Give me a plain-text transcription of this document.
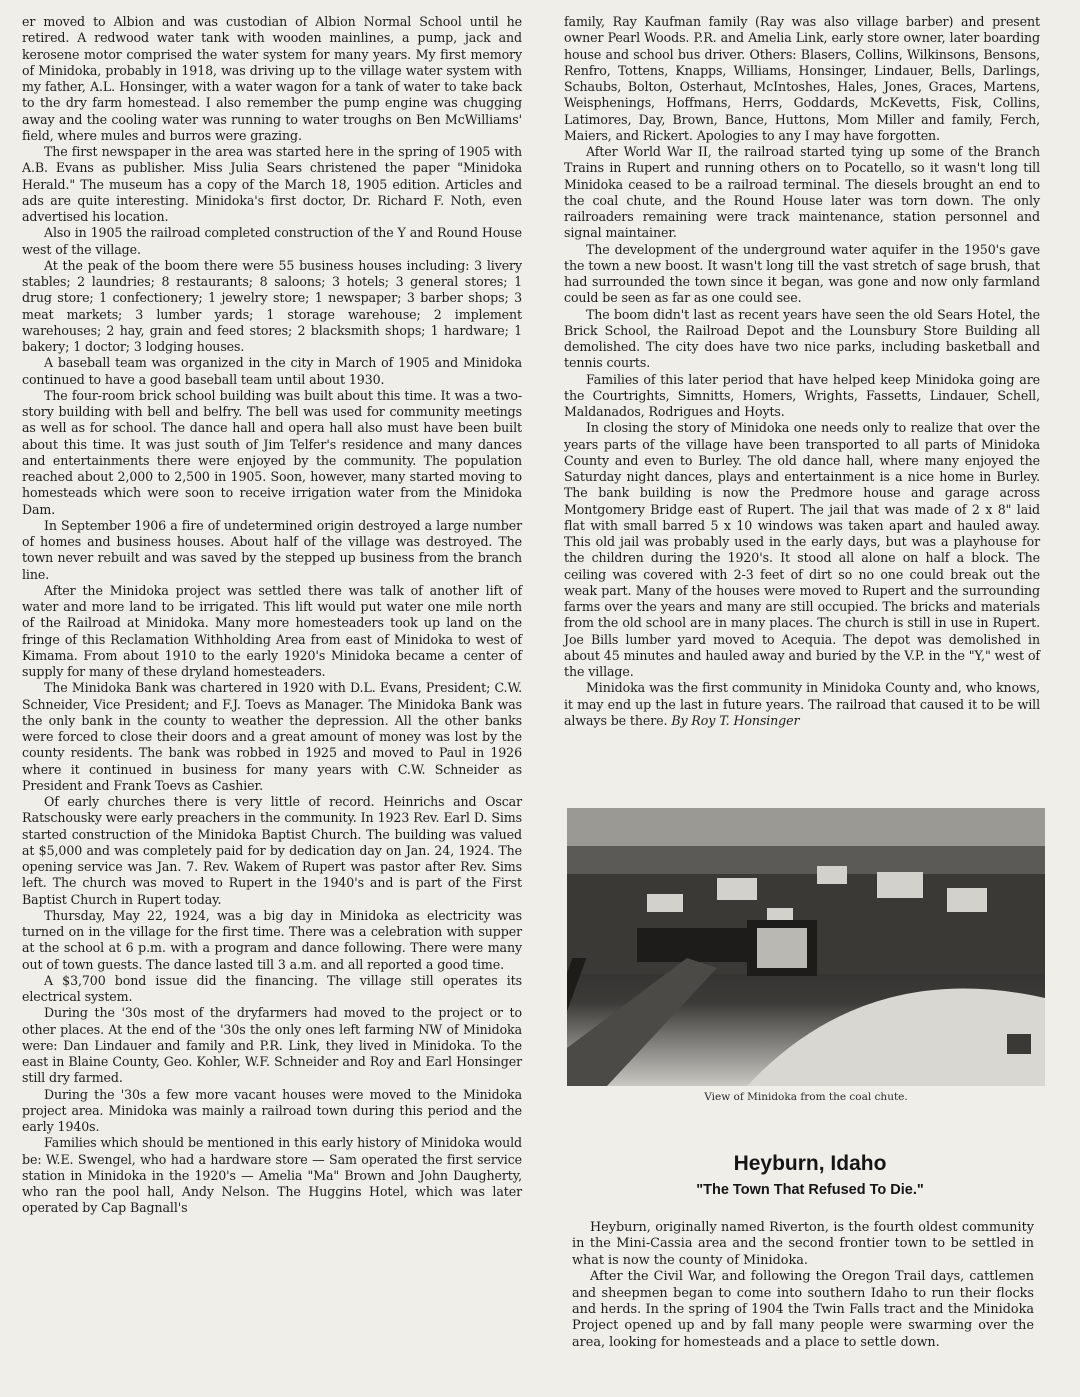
er moved to Albion and was custodian of Albion Normal School until he retired. A redwood water tank with wooden mainlines, a pump, jack and kerosene motor comprised the water system for many years. My first memory of Minidoka, probably in 1918, was driving up to the village water system with my father, A.L. Honsinger, with a water wagon for a tank of water to take back to the dry farm homestead. I also remember the pump engine was chugging away and the cooling water was running to water troughs on Ben McWilliams' field, where mules and burros were grazing.

The first newspaper in the area was started here in the spring of 1905 with A.B. Evans as publisher. Miss Julia Sears christened the paper "Minidoka Herald." The museum has a copy of the March 18, 1905 edition. Articles and ads are quite interesting. Minidoka's first doctor, Dr. Richard F. Noth, even advertised his location.

Also in 1905 the railroad completed construction of the Y and Round House west of the village.

At the peak of the boom there were 55 business houses including: 3 livery stables; 2 laundries; 8 restaurants; 8 saloons; 3 hotels; 3 general stores; 1 drug store; 1 confectionery; 1 jewelry store; 1 newspaper; 3 barber shops; 3 meat markets; 3 lumber yards; 1 storage warehouse; 2 implement warehouses; 2 hay, grain and feed stores; 2 blacksmith shops; 1 hardware; 1 bakery; 1 doctor; 3 lodging houses.

A baseball team was organized in the city in March of 1905 and Minidoka continued to have a good baseball team until about 1930.

The four-room brick school building was built about this time. It was a two-story building with bell and belfry. The bell was used for community meetings as well as for school. The dance hall and opera hall also must have been built about this time. It was just south of Jim Telfer's residence and many dances and entertainments there were enjoyed by the community. The population reached about 2,000 to 2,500 in 1905. Soon, however, many started moving to homesteads which were soon to receive irrigation water from the Minidoka Dam.

In September 1906 a fire of undetermined origin destroyed a large number of homes and business houses. About half of the village was destroyed. The town never rebuilt and was saved by the stepped up business from the branch line.

After the Minidoka project was settled there was talk of another lift of water and more land to be irrigated. This lift would put water one mile north of the Railroad at Minidoka. Many more homesteaders took up land on the fringe of this Reclamation Withholding Area from east of Minidoka to west of Kimama. From about 1910 to the early 1920's Minidoka became a center of supply for many of these dryland homesteaders.

The Minidoka Bank was chartered in 1920 with D.L. Evans, President; C.W. Schneider, Vice President; and F.J. Toevs as Manager. The Minidoka Bank was the only bank in the county to weather the depression. All the other banks were forced to close their doors and a great amount of money was lost by the county residents. The bank was robbed in 1925 and moved to Paul in 1926 where it continued in business for many years with C.W. Schneider as President and Frank Toevs as Cashier.

Of early churches there is very little of record. Heinrichs and Oscar Ratschousky were early preachers in the community. In 1923 Rev. Earl D. Sims started construction of the Minidoka Baptist Church. The building was valued at $5,000 and was completely paid for by dedication day on Jan. 24, 1924. The opening service was Jan. 7. Rev. Wakem of Rupert was pastor after Rev. Sims left. The church was moved to Rupert in the 1940's and is part of the First Baptist Church in Rupert today.

Thursday, May 22, 1924, was a big day in Minidoka as electricity was turned on in the village for the first time. There was a celebration with supper at the school at 6 p.m. with a program and dance following. There were many out of town guests. The dance lasted till 3 a.m. and all reported a good time.

A $3,700 bond issue did the financing. The village still operates its electrical system.

During the '30s most of the dryfarmers had moved to the project or to other places. At the end of the '30s the only ones left farming NW of Minidoka were: Dan Lindauer and family and P.R. Link, they lived in Minidoka. To the east in Blaine County, Geo. Kohler, W.F. Schneider and Roy and Earl Honsinger still dry farmed.

During the '30s a few more vacant houses were moved to the Minidoka project area. Minidoka was mainly a railroad town during this period and the early 1940s.

Families which should be mentioned in this early history of Minidoka would be: W.E. Swengel, who had a hardware store — Sam operated the first service station in Minidoka in the 1920's — Amelia "Ma" Brown and John Daugherty, who ran the pool hall, Andy Nelson. The Huggins Hotel, which was later operated by Cap Bagnall's

family, Ray Kaufman family (Ray was also village barber) and present owner Pearl Woods. P.R. and Amelia Link, early store owner, later boarding house and school bus driver. Others: Blasers, Collins, Wilkinsons, Bensons, Renfro, Tottens, Knapps, Williams, Honsinger, Lindauer, Bells, Darlings, Schaubs, Bolton, Osterhaut, McIntoshes, Hales, Jones, Graces, Martens, Weisphenings, Hoffmans, Herrs, Goddards, McKevetts, Fisk, Collins, Latimores, Day, Brown, Bance, Huttons, Mom Miller and family, Ferch, Maiers, and Rickert. Apologies to any I may have forgotten.

After World War II, the railroad started tying up some of the Branch Trains in Rupert and running others on to Pocatello, so it wasn't long till Minidoka ceased to be a railroad terminal. The diesels brought an end to the coal chute, and the Round House later was torn down. The only railroaders remaining were track maintenance, station personnel and signal maintainer.

The development of the underground water aquifer in the 1950's gave the town a new boost. It wasn't long till the vast stretch of sage brush, that had surrounded the town since it began, was gone and now only farmland could be seen as far as one could see.

The boom didn't last as recent years have seen the old Sears Hotel, the Brick School, the Railroad Depot and the Lounsbury Store Building all demolished. The city does have two nice parks, including basketball and tennis courts.

Families of this later period that have helped keep Minidoka going are the Courtrights, Simnitts, Homers, Wrights, Fassetts, Lindauer, Schell, Maldanados, Rodrigues and Hoyts.

In closing the story of Minidoka one needs only to realize that over the years parts of the village have been transported to all parts of Minidoka County and even to Burley. The old dance hall, where many enjoyed the Saturday night dances, plays and entertainment is a nice home in Burley. The bank building is now the Predmore house and garage across Montgomery Bridge east of Rupert. The jail that was made of 2 x 8" laid flat with small barred 5 x 10 windows was taken apart and hauled away. This old jail was probably used in the early days, but was a playhouse for the children during the 1920's. It stood all alone on half a block. The ceiling was covered with 2-3 feet of dirt so no one could break out the weak part. Many of the houses were moved to Rupert and the surrounding farms over the years and many are still occupied. The bricks and materials from the old school are in many places. The church is still in use in Rupert. Joe Bills lumber yard moved to Acequia. The depot was demolished in about 45 minutes and hauled away and buried by the V.P. in the "Y," west of the village.

Minidoka was the first community in Minidoka County and, who knows, it may end up the last in future years. The railroad that caused it to be will always be there. By Roy T. Honsinger

View of Minidoka from the coal chute.
Heyburn, Idaho
"The Town That Refused To Die."

Heyburn, originally named Riverton, is the fourth oldest community in the Mini-Cassia area and the second frontier town to be settled in what is now the county of Minidoka.

After the Civil War, and following the Oregon Trail days, cattlemen and sheepmen began to come into southern Idaho to run their flocks and herds. In the spring of 1904 the Twin Falls tract and the Minidoka Project opened up and by fall many people were swarming over the area, looking for homesteads and a place to settle down.
